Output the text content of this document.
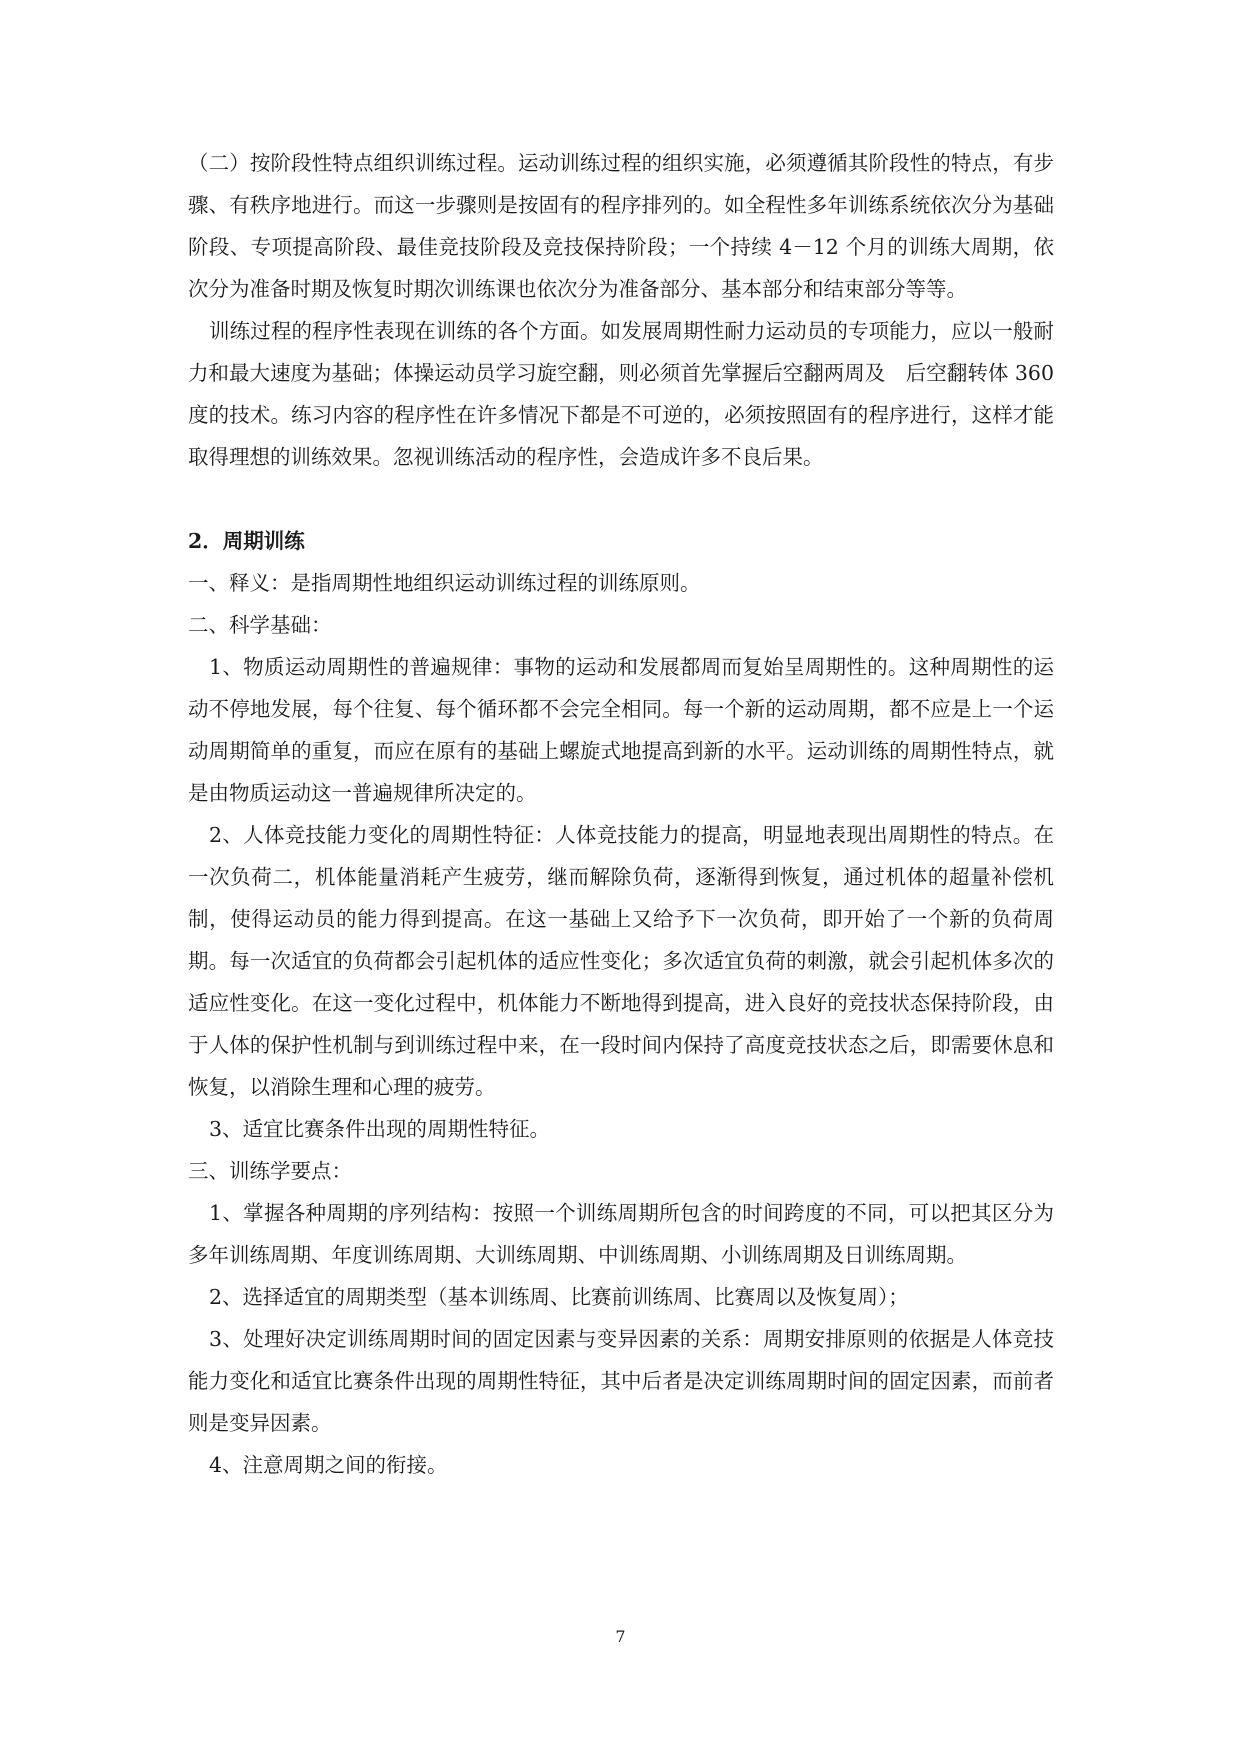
（二）按阶段性特点组织训练过程。运动训练过程的组织实施，必须遵循其阶段性的特点，有步骤、有秩序地进行。而这一步骤则是按固有的程序排列的。如全程性多年训练系统依次分为基础阶段、专项提高阶段、最佳竞技阶段及竞技保持阶段；一个持续 4－12 个月的训练大周期，依次分为准备时期及恢复时期次训练课也依次分为准备部分、基本部分和结束部分等等。

训练过程的程序性表现在训练的各个方面。如发展周期性耐力运动员的专项能力，应以一般耐力和最大速度为基础；体操运动员学习旋空翻，则必须首先掌握后空翻两周及　后空翻转体 360 度的技术。练习内容的程序性在许多情况下都是不可逆的，必须按照固有的程序进行，这样才能取得理想的训练效果。忽视训练活动的程序性，会造成许多不良后果。

2．周期训练

一、释义：是指周期性地组织运动训练过程的训练原则。

二、科学基础：

1、物质运动周期性的普遍规律：事物的运动和发展都周而复始呈周期性的。这种周期性的运动不停地发展，每个往复、每个循环都不会完全相同。每一个新的运动周期，都不应是上一个运动周期简单的重复，而应在原有的基础上螺旋式地提高到新的水平。运动训练的周期性特点，就是由物质运动这一普遍规律所决定的。

2、人体竞技能力变化的周期性特征：人体竞技能力的提高，明显地表现出周期性的特点。在一次负荷二，机体能量消耗产生疲劳，继而解除负荷，逐渐得到恢复，通过机体的超量补偿机制，使得运动员的能力得到提高。在这一基础上又给予下一次负荷，即开始了一个新的负荷周期。每一次适宜的负荷都会引起机体的适应性变化；多次适宜负荷的刺激，就会引起机体多次的适应性变化。在这一变化过程中，机体能力不断地得到提高，进入良好的竞技状态保持阶段，由于人体的保护性机制与到训练过程中来，在一段时间内保持了高度竞技状态之后，即需要休息和恢复，以消除生理和心理的疲劳。

3、适宜比赛条件出现的周期性特征。

三、训练学要点：

1、掌握各种周期的序列结构：按照一个训练周期所包含的时间跨度的不同，可以把其区分为多年训练周期、年度训练周期、大训练周期、中训练周期、小训练周期及日训练周期。

2、选择适宜的周期类型（基本训练周、比赛前训练周、比赛周以及恢复周）；

3、处理好决定训练周期时间的固定因素与变异因素的关系：周期安排原则的依据是人体竞技能力变化和适宜比赛条件出现的周期性特征，其中后者是决定训练周期时间的固定因素，而前者则是变异因素。

4、注意周期之间的衔接。

7
